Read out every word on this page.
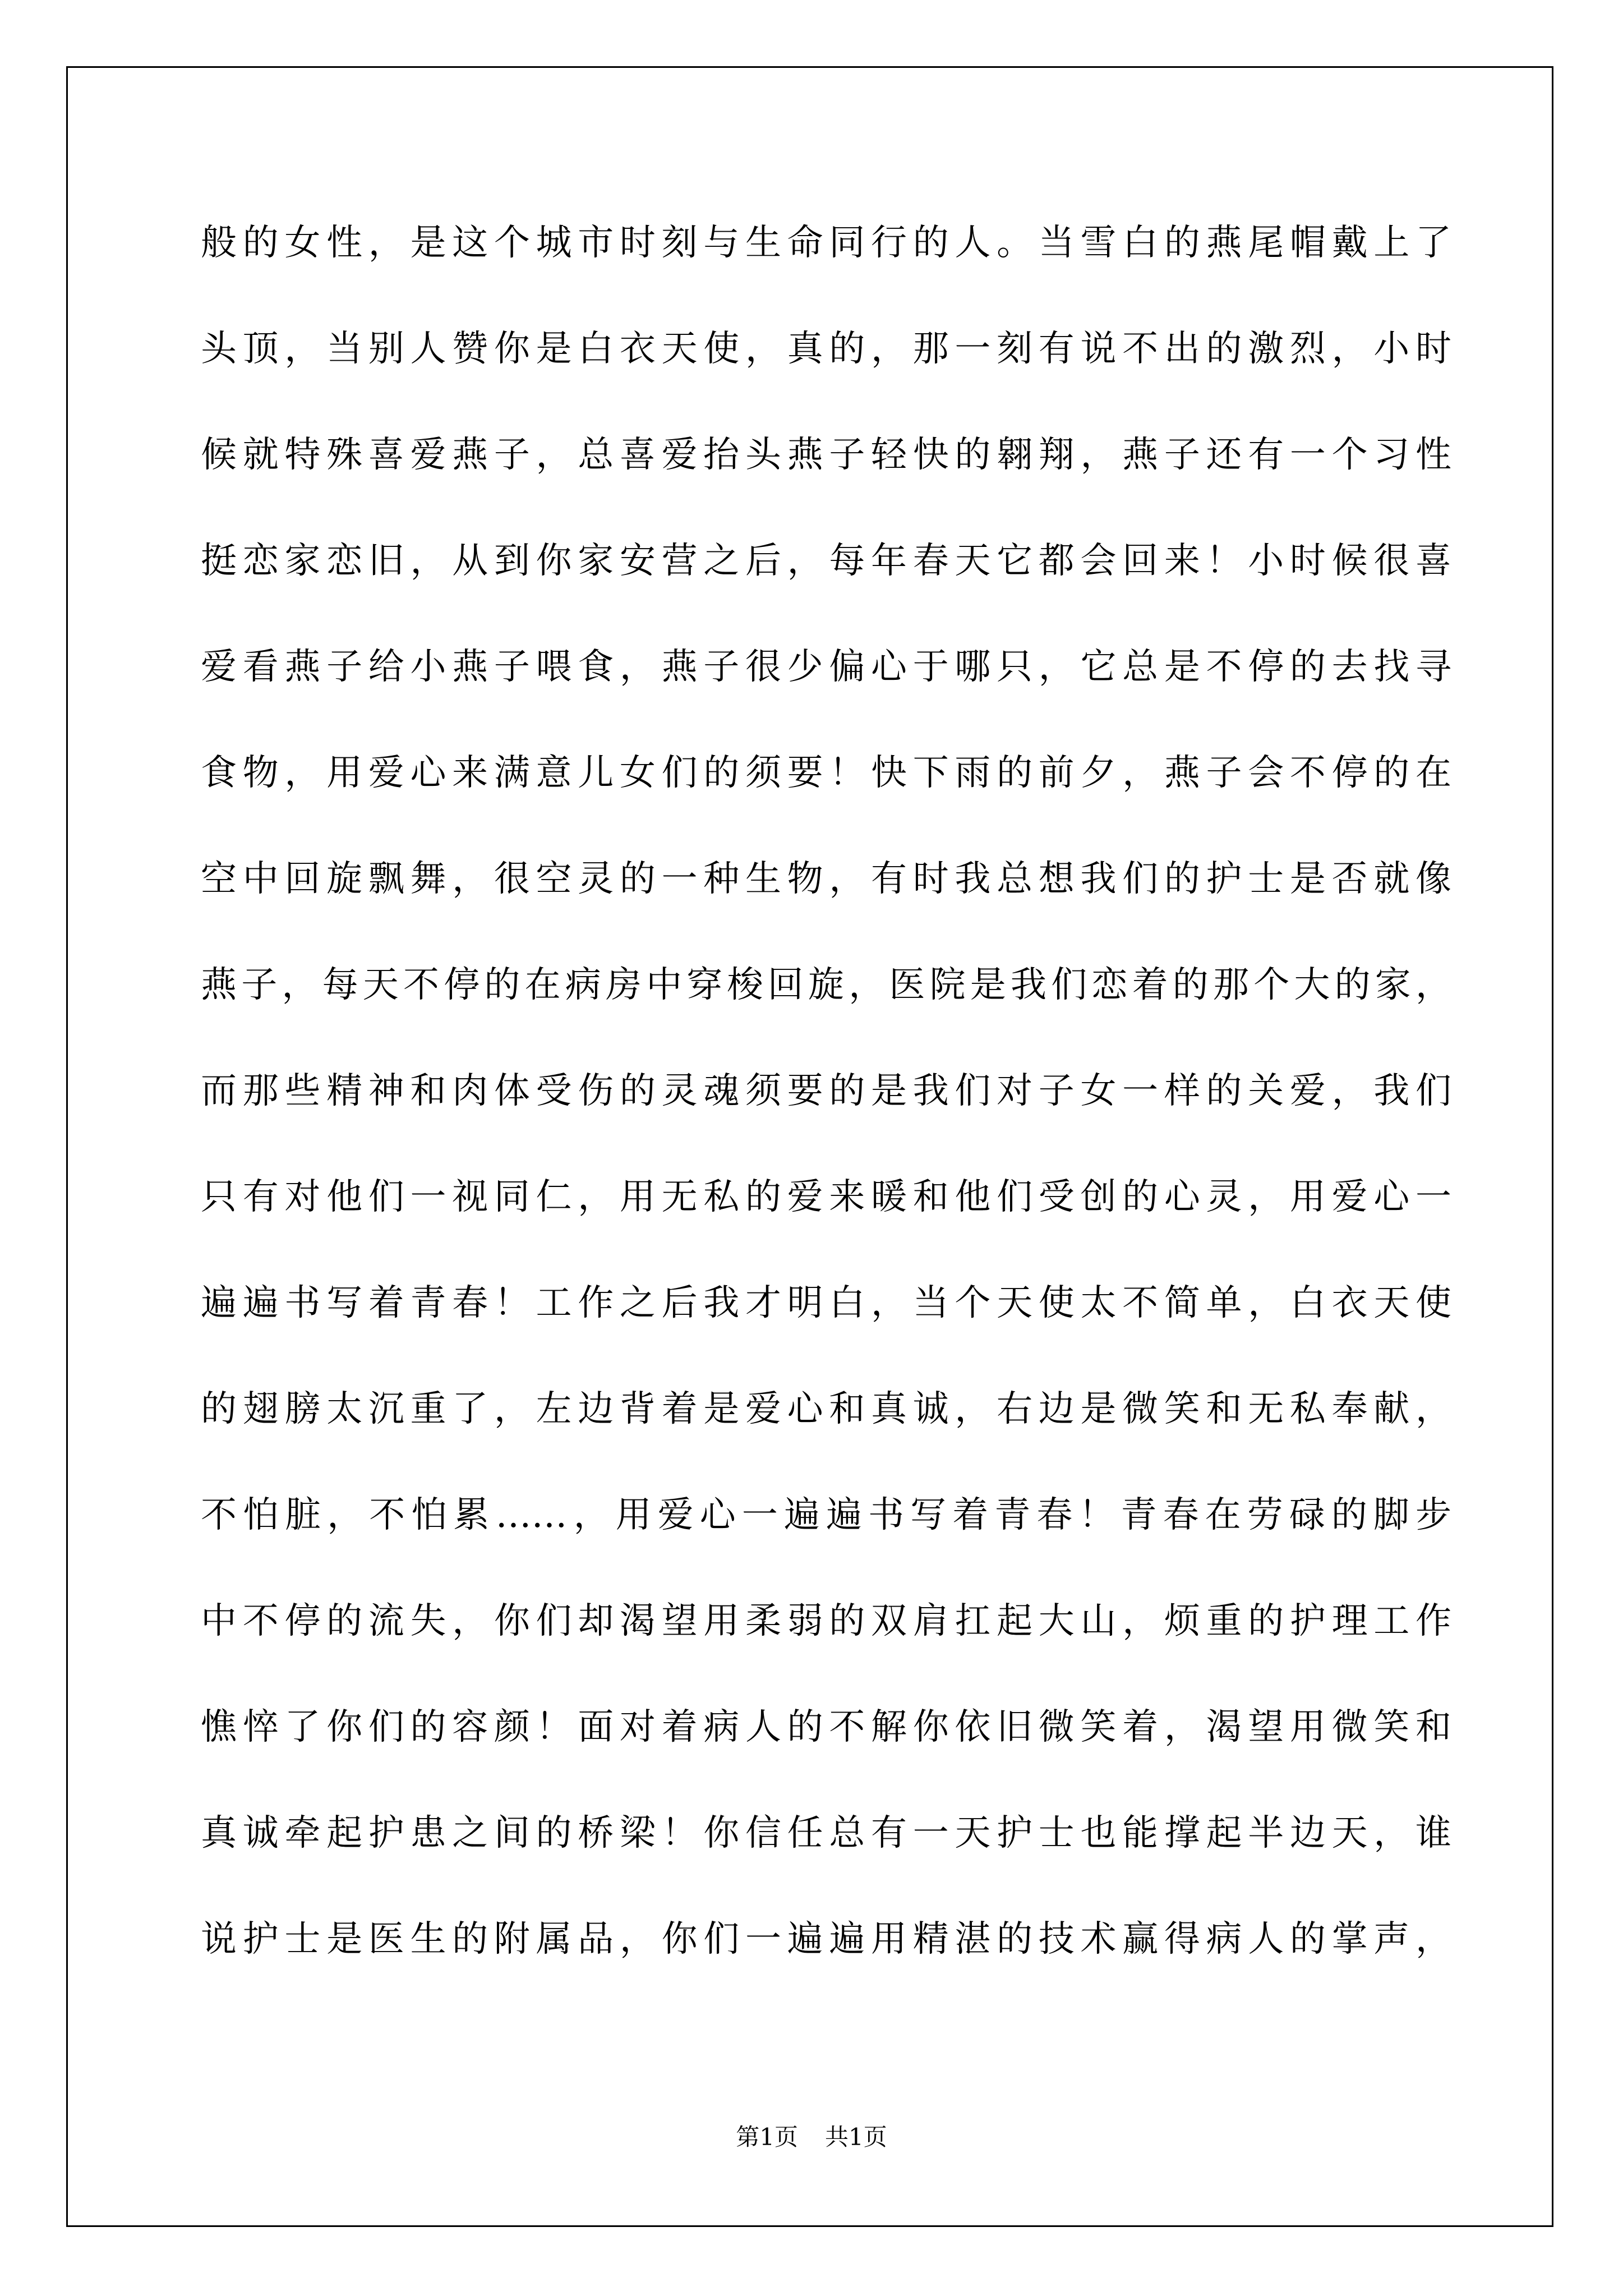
般的女性，是这个城市时刻与生命同行的人。当雪白的燕尾帽戴上了
头顶，当别人赞你是白衣天使，真的，那一刻有说不出的激烈，小时
候就特殊喜爱燕子，总喜爱抬头燕子轻快的翱翔，燕子还有一个习性
挺恋家恋旧，从到你家安营之后，每年春天它都会回来！小时候很喜
爱看燕子给小燕子喂食，燕子很少偏心于哪只，它总是不停的去找寻
食物，用爱心来满意儿女们的须要！快下雨的前夕，燕子会不停的在
空中回旋飘舞，很空灵的一种生物，有时我总想我们的护士是否就像
燕子，每天不停的在病房中穿梭回旋，医院是我们恋着的那个大的家，
而那些精神和肉体受伤的灵魂须要的是我们对子女一样的关爱，我们
只有对他们一视同仁，用无私的爱来暖和他们受创的心灵，用爱心一
遍遍书写着青春！工作之后我才明白，当个天使太不简单，白衣天使
的翅膀太沉重了，左边背着是爱心和真诚，右边是微笑和无私奉献，
不怕脏，不怕累……，用爱心一遍遍书写着青春！青春在劳碌的脚步
中不停的流失，你们却渴望用柔弱的双肩扛起大山，烦重的护理工作
憔悴了你们的容颜！面对着病人的不解你依旧微笑着，渴望用微笑和
真诚牵起护患之间的桥梁！你信任总有一天护士也能撑起半边天，谁
说护士是医生的附属品，你们一遍遍用精湛的技术赢得病人的掌声，
第1页 共1页
